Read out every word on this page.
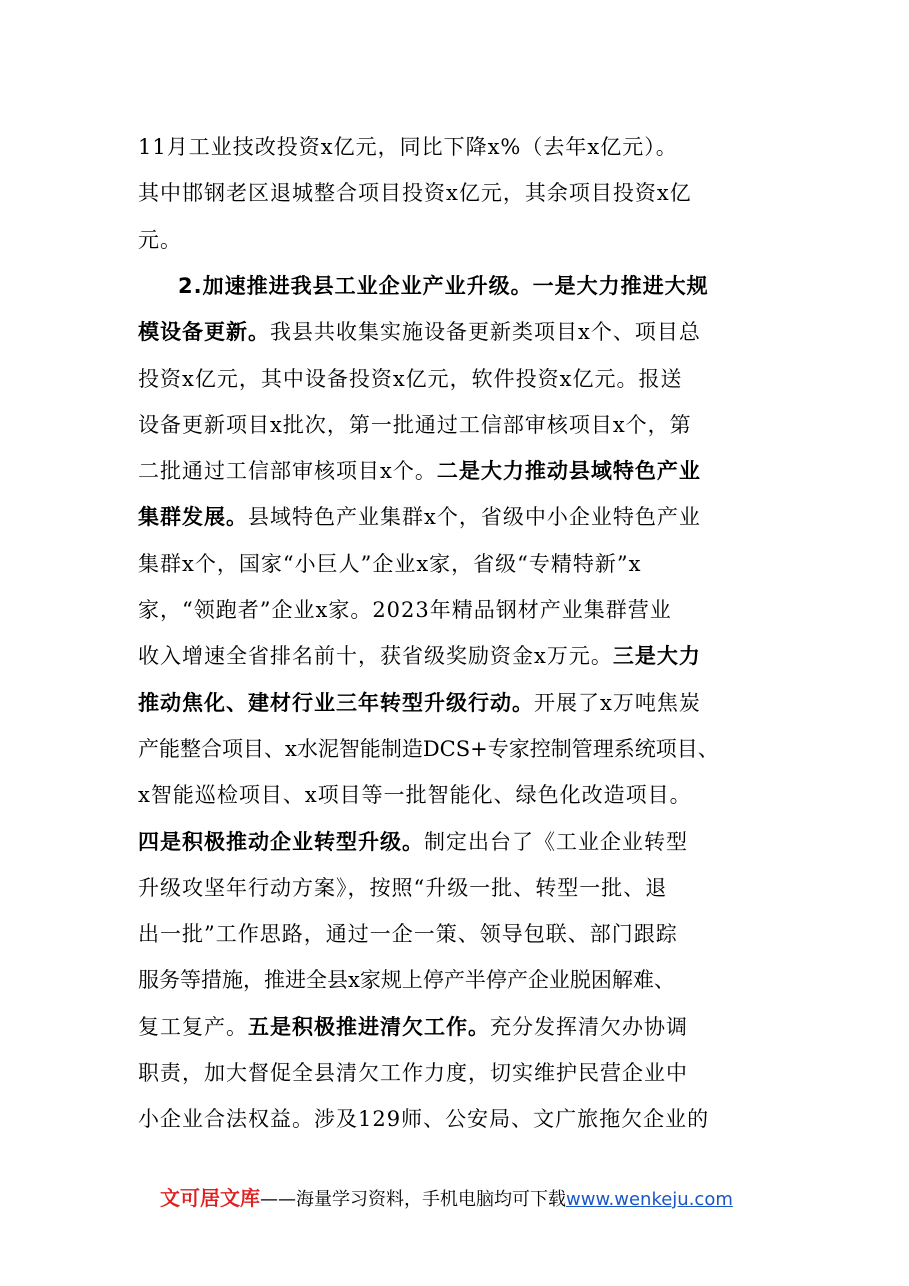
11月工业技改投资x亿元，同比下降x%（去年x亿元）。
其中邯钢老区退城整合项目投资x亿元，其余项目投资x亿
元。
2.加速推进我县工业企业产业升级。一是大力推进大规
模设备更新。我县共收集实施设备更新类项目x个、项目总
投资x亿元，其中设备投资x亿元，软件投资x亿元。报送
设备更新项目x批次，第一批通过工信部审核项目x个，第
二批通过工信部审核项目x个。二是大力推动县域特色产业
集群发展。县域特色产业集群x个，省级中小企业特色产业
集群x个，国家“小巨人”企业x家，省级“专精特新”x
家，“领跑者”企业x家。2023年精品钢材产业集群营业
收入增速全省排名前十，获省级奖励资金x万元。三是大力
推动焦化、建材行业三年转型升级行动。开展了x万吨焦炭
产能整合项目、x水泥智能制造DCS+专家控制管理系统项目、
x智能巡检项目、x项目等一批智能化、绿色化改造项目。
四是积极推动企业转型升级。制定出台了《工业企业转型
升级攻坚年行动方案》，按照“升级一批、转型一批、退
出一批”工作思路，通过一企一策、领导包联、部门跟踪
服务等措施，推进全县x家规上停产半停产企业脱困解难、
复工复产。五是积极推进清欠工作。充分发挥清欠办协调
职责，加大督促全县清欠工作力度，切实维护民营企业中
小企业合法权益。涉及129师、公安局、文广旅拖欠企业的
文可居文库——海量学习资料，手机电脑均可下载www.wenkeju.com
